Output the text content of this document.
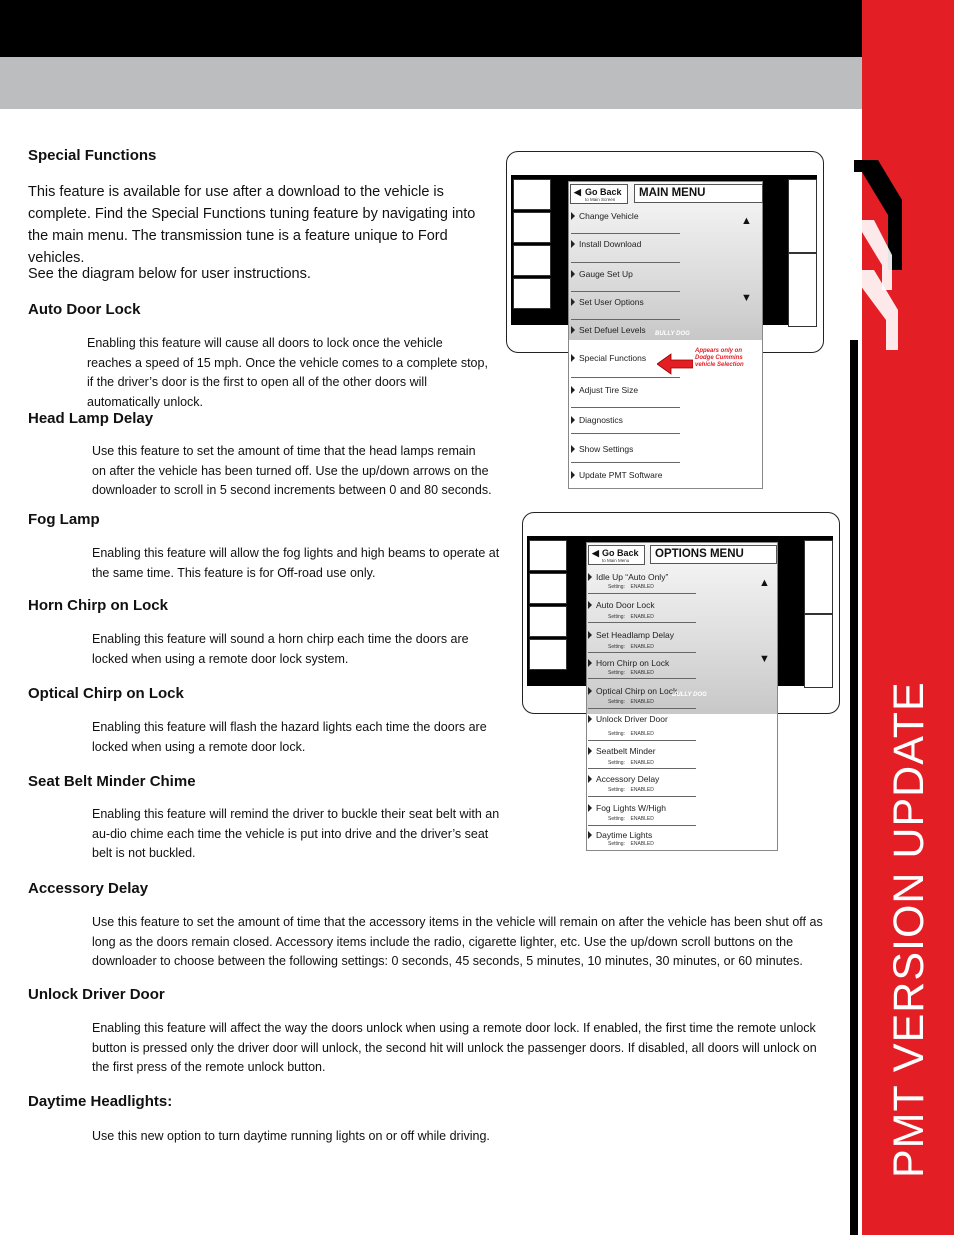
PMT VERSION UPDATE
Special Functions

This feature is available for use after a download to the vehicle is complete. Find the Special Functions tuning feature by navigating into the main menu. The transmission tune is a feature unique to Ford vehicles.

See the diagram below for user instructions.

Auto Door Lock

Enabling this feature will cause all doors to lock once the vehicle reaches a speed of 15 mph. Once the vehicle comes to a complete stop, if the driver’s door is the first to open all of the other doors will automatically unlock.

Head Lamp Delay

Use this feature to set the amount of time that the head lamps remain on after the vehicle has been turned off. Use the up/down arrows on the downloader to scroll in 5 second increments between 0 and 80 seconds.

Fog Lamp

Enabling this feature will allow the fog lights and high beams to operate at the same time. This feature is for Off-road use only.

Horn Chirp on Lock

Enabling this feature will sound a horn chirp each time the doors are locked when using a remote door lock system.

Optical Chirp on Lock

Enabling this feature will flash the hazard lights each time the doors are locked when using a remote door lock.

Seat Belt Minder Chime

Enabling this feature will remind the driver to buckle their seat belt with an au-dio chime each time the vehicle is put into drive and the driver’s seat belt is not buckled.

Accessory Delay

Use this feature to set the amount of time that the accessory items in the vehicle will remain on after the vehicle has been shut off as long as the doors remain closed. Accessory items include the radio, cigarette lighter, etc. Use the up/down scroll buttons on the downloader to choose between the following settings: 0 seconds, 45 seconds, 5 minutes, 10 minutes, 30 minutes, or 60 minutes.

Unlock Driver Door

Enabling this feature will affect the way the doors unlock when using a remote door lock. If enabled, the first time the remote unlock button is pressed only the driver door will unlock, the second hit will unlock the passenger doors. If disabled, all doors will unlock on the first press of the remote unlock button.

Daytime Headlights:

Use this new option to turn daytime running lights on or off while driving.

◀ Go Back
to Main Screen
MAIN MENU
▲
▼
Change Vehicle
Install Download
Gauge Set Up
Set User Options
Set Defuel Levels	BULLY DOG
Special Functions
Adjust Tire Size
Diagnostics
Show Settings
Update PMT Software
Appears only on Dodge Cummins vehicle Selection
◀ Go Back
to Main Menu
OPTIONS MENU
▲
▼
Idle Up “Auto Only”
Setting: ENABLED
Auto Door Lock
Setting: ENABLED
Set Headlamp Delay
Setting: ENABLED
Horn Chirp on Lock
Setting: ENABLED
Optical Chirp on Lock
Setting: ENABLED
BULLY DOG
Unlock Driver Door
Setting: ENABLED
Seatbelt Minder
Setting: ENABLED
Accessory Delay
Setting: ENABLED
Fog Lights W/High
Setting: ENABLED
Daytime Lights
Setting: ENABLED
